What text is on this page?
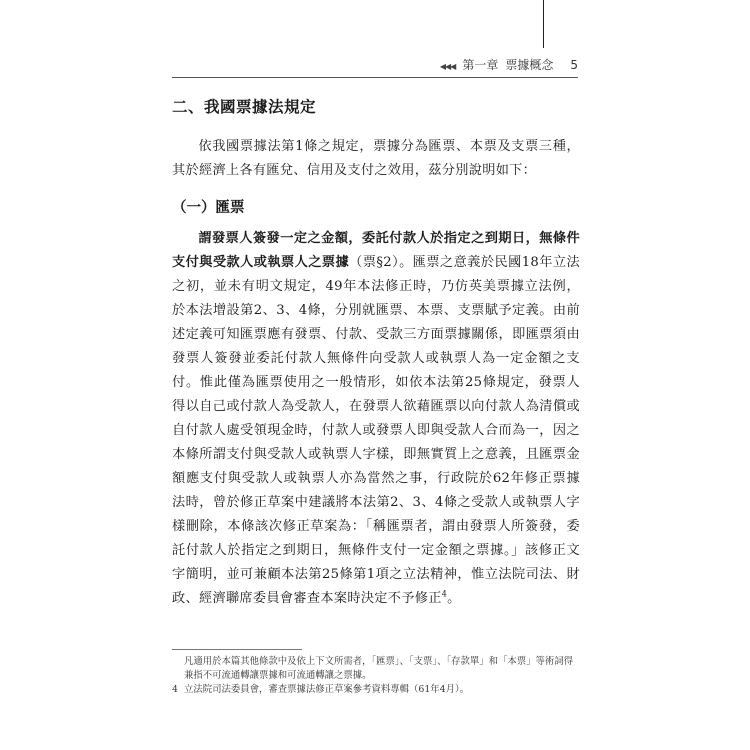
◀◀◀ 第一章 票據概念 5
二、我國票據法規定

依我國票據法第1條之規定，票據分為匯票、本票及支票三種，其於經濟上各有匯兌、信用及支付之效用，茲分別說明如下：

（一）匯票

謂發票人簽發一定之金額，委託付款人於指定之到期日，無條件支付與受款人或執票人之票據（票§2）。匯票之意義於民國18年立法之初，並未有明文規定，49年本法修正時，乃仿英美票據立法例，於本法增設第2、3、4條，分別就匯票、本票、支票賦予定義。由前述定義可知匯票應有發票、付款、受款三方面票據關係，即匯票須由發票人簽發並委託付款人無條件向受款人或執票人為一定金額之支付。惟此僅為匯票使用之一般情形，如依本法第25條規定，發票人得以自己或付款人為受款人，在發票人欲藉匯票以向付款人為清償或自付款人處受領現金時，付款人或發票人即與受款人合而為一，因之本條所謂支付與受款人或執票人字樣，即無實質上之意義，且匯票金額應支付與受款人或執票人亦為當然之事，行政院於62年修正票據法時，曾於修正草案中建議將本法第2、3、4條之受款人或執票人字樣刪除，本條該次修正草案為：「稱匯票者，謂由發票人所簽發，委託付款人於指定之到期日，無條件支付一定金額之票據。」該修正文字簡明，並可兼顧本法第25條第1項之立法精神，惟立法院司法、財政、經濟聯席委員會審查本案時決定不予修正$^4$。

凡適用於本篇其他條款中及依上下文所需者，「匯票」、「支票」、「存款單」和「本票」等術詞得兼指不可流通轉讓票據和可流通轉讓之票據。

4 立法院司法委員會，審查票據法修正草案參考資料專輯（61年4月）。
